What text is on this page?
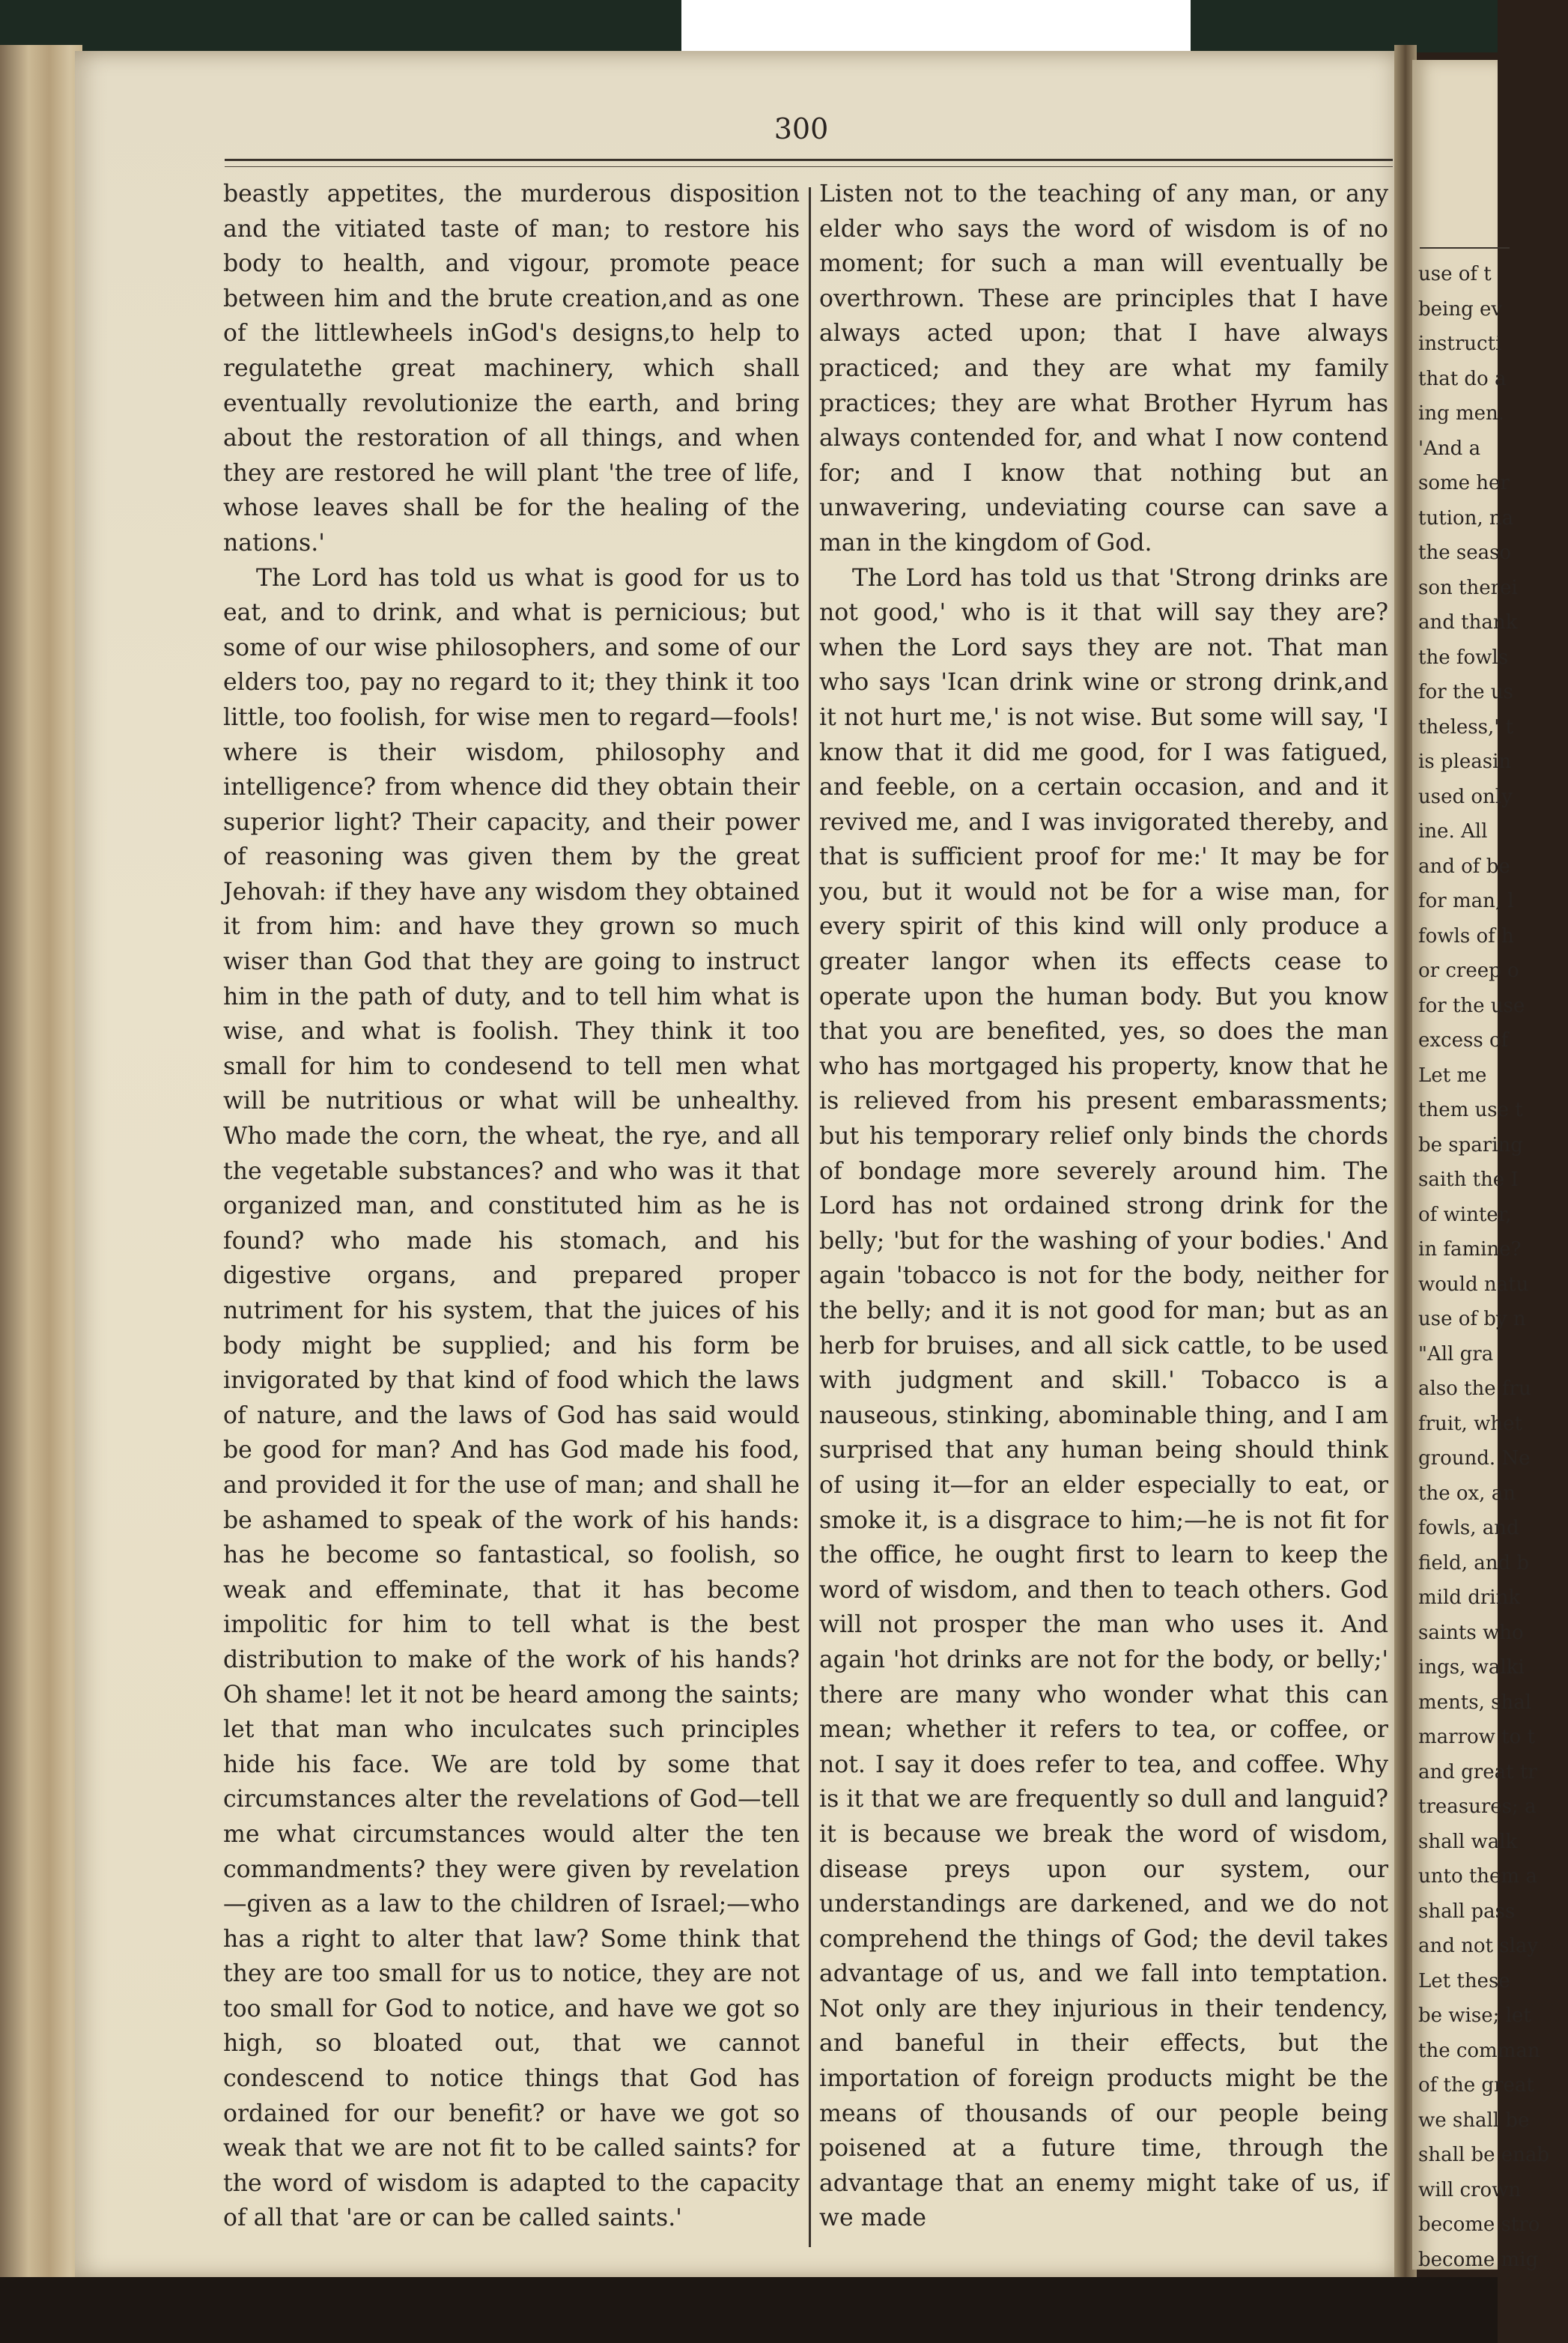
300

beastly appetites, the murderous disposition and the vitiated taste of man; to restore his body to health, and vigour, promote peace between him and the brute creation,and as one of the littlewheels inGod's designs,to help to regulatethe great machinery, which shall eventually revolutionize the earth, and bring about the restoration of all things, and when they are restored he will plant 'the tree of life, whose leaves shall be for the healing of the nations.'

The Lord has told us what is good for us to eat, and to drink, and what is pernicious; but some of our wise philosophers, and some of our elders too, pay no regard to it; they think it too little, too foolish, for wise men to regard—fools! where is their wisdom, philosophy and intelligence? from whence did they obtain their superior light? Their capacity, and their power of reasoning was given them by the great Jehovah: if they have any wisdom they obtained it from him: and have they grown so much wiser than God that they are going to instruct him in the path of duty, and to tell him what is wise, and what is foolish. They think it too small for him to condesend to tell men what will be nutritious or what will be unhealthy. Who made the corn, the wheat, the rye, and all the vegetable substances? and who was it that organized man, and constituted him as he is found? who made his stomach, and his digestive organs, and prepared proper nutriment for his system, that the juices of his body might be supplied; and his form be invigorated by that kind of food which the laws of nature, and the laws of God has said would be good for man? And has God made his food, and provided it for the use of man; and shall he be ashamed to speak of the work of his hands: has he become so fantastical, so foolish, so weak and effeminate, that it has become impolitic for him to tell what is the best distribution to make of the work of his hands? Oh shame! let it not be heard among the saints; let that man who inculcates such principles hide his face. We are told by some that circumstances alter the revelations of God—tell me what circumstances would alter the ten commandments? they were given by revelation—given as a law to the children of Israel;—who has a right to alter that law? Some think that they are too small for us to notice, they are not too small for God to notice, and have we got so high, so bloated out, that we cannot condescend to notice things that God has ordained for our benefit? or have we got so weak that we are not fit to be called saints? for the word of wisdom is adapted to the capacity of all that 'are or can be called saints.'

Listen not to the teaching of any man, or any elder who says the word of wisdom is of no moment; for such a man will eventually be overthrown. These are principles that I have always acted upon; that I have always practiced; and they are what my family practices; they are what Brother Hyrum has always contended for, and what I now contend for; and I know that nothing but an unwavering, undeviating course can save a man in the kingdom of God.

The Lord has told us that 'Strong drinks are not good,' who is it that will say they are? when the Lord says they are not. That man who says 'Ican drink wine or strong drink,and it not hurt me,' is not wise. But some will say, 'I know that it did me good, for I was fatigued, and feeble, on a certain occasion, and and it revived me, and I was invigorated thereby, and that is sufficient proof for me:' It may be for you, but it would not be for a wise man, for every spirit of this kind will only produce a greater langor when its effects cease to operate upon the human body. But you know that you are benefited, yes, so does the man who has mortgaged his property, know that he is relieved from his present embarassments; but his temporary relief only binds the chords of bondage more severely around him. The Lord has not ordained strong drink for the belly; 'but for the washing of your bodies.' And again 'tobacco is not for the body, neither for the belly; and it is not good for man; but as an herb for bruises, and all sick cattle, to be used with judgment and skill.' Tobacco is a nauseous, stinking, abominable thing, and I am surprised that any human being should think of using it—for an elder especially to eat, or smoke it, is a disgrace to him;—he is not fit for the office, he ought first to learn to keep the word of wisdom, and then to teach others. God will not prosper the man who uses it. And again 'hot drinks are not for the body, or belly;' there are many who wonder what this can mean; whether it refers to tea, or coffee, or not. I say it does refer to tea, and coffee. Why is it that we are frequently so dull and languid? it is because we break the word of wisdom, disease preys upon our system, our understandings are darkened, and we do not comprehend the things of God; the devil takes advantage of us, and we fall into temptation. Not only are they injurious in their tendency, and baneful in their effects, but the importation of foreign products might be the means of thousands of our people being poisened at a future time, through the advantage that an enemy might take of us, if we made

use of t
being ev
instructi
that do a
ing men.
'And a
some her
tution, na
the seaso
son therei
and thank
the fowls
for the us
theless,' t
is pleasin
used only
ine. All
and of be
for man, l
fowls of h
or creep o
for the use
excess of
Let me
them use t
be sparing
saith the I
of winter,
in famine?
would natu
use of by n
"All gra
also the fru
fruit, whet
ground. Ne
the ox, an
fowls, and
field, and b
mild drink
saints who
ings, walki
ments, shal
marrow to t
and great tr
treasures; a
shall walk
unto them a
shall pass
and not slay
Let these
be wise; let
the comman
of the great
we shall be
shall be enab
will crown
become stro
become mig
